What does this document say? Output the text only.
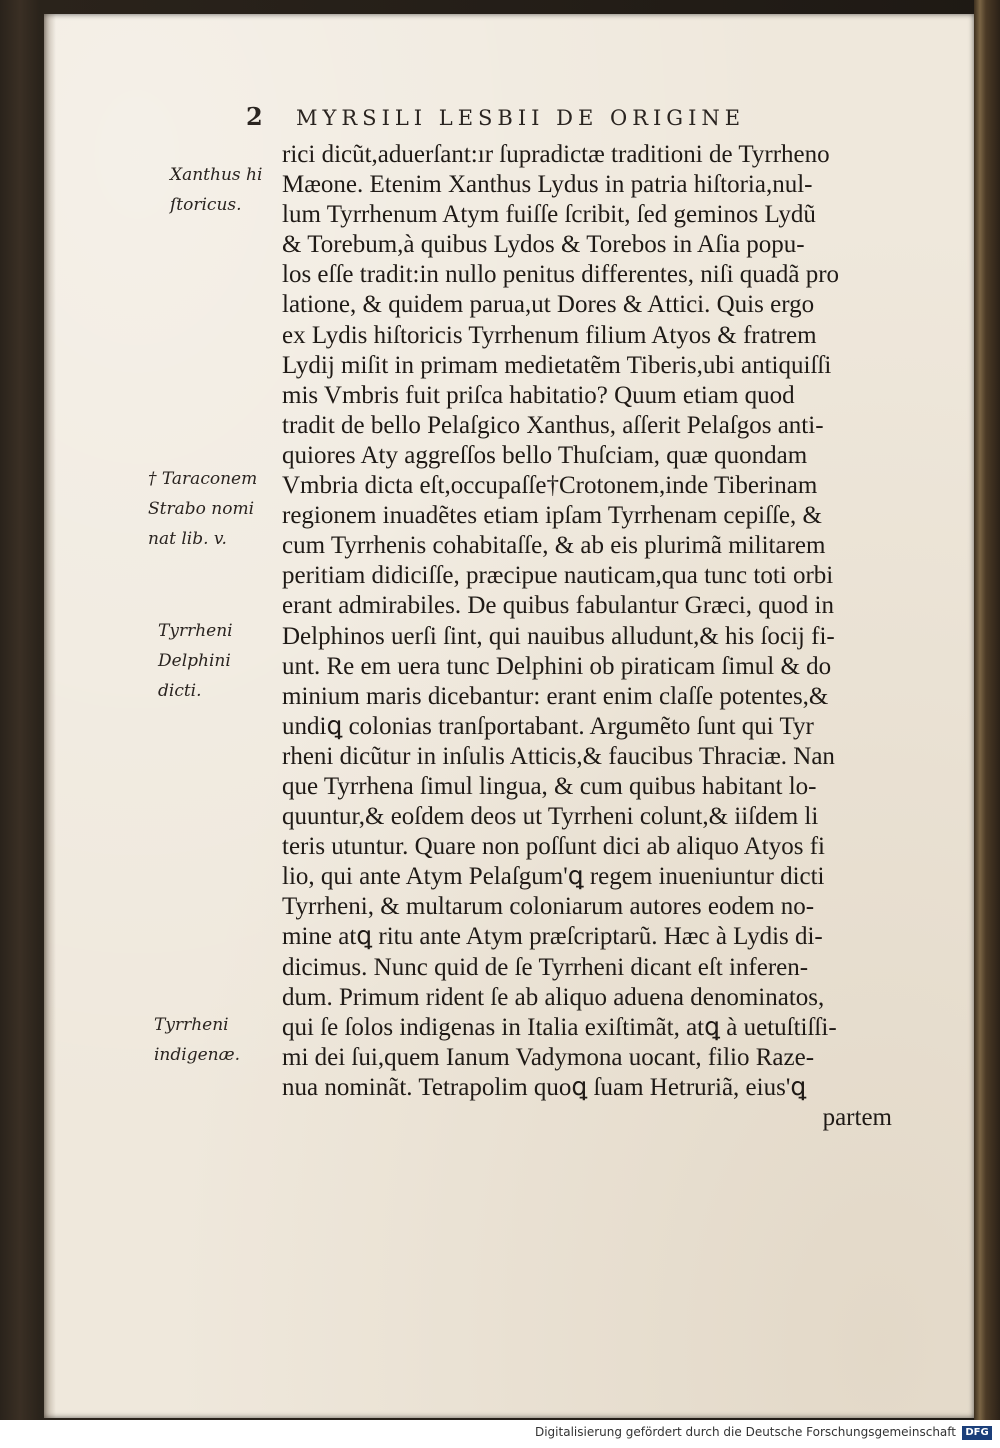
2 MYRSILI LESBII DE ORIGINE
Xanthus hi
ſtoricus.
† Taraconem
Strabo nomi
nat lib. v.
Tyrrheni
Delphini
dicti.
Tyrrheni
indigenæ.
rici dicũt,aduerſant:ır ſupradictæ traditioni de Tyrrheno
Mæone. Etenim Xanthus Lydus in patria hiſtoria,nul-
lum Tyrrhenum Atym fuiſſe ſcribit, ſed geminos Lydũ
& Torebum,à quibus Lydos & Torebos in Aſia popu-
los eſſe tradit:in nullo penitus differentes, niſi quadã pro
latione, & quidem parua,ut Dores & Attici. Quis ergo
ex Lydis hiſtoricis Tyrrhenum filium Atyos & fratrem
Lydij miſit in primam medietatẽm Tiberis,ubi antiquiſſi
mis Vmbris fuit priſca habitatio? Quum etiam quod
tradit de bello Pelaſgico Xanthus, aſſerit Pelaſgos anti-
quiores Aty aggreſſos bello Thuſciam, quæ quondam
Vmbria dicta eſt,occupaſſe†Crotonem,inde Tiberinam
regionem inuadẽtes etiam ipſam Tyrrhenam cepiſſe, &
cum Tyrrhenis cohabitaſſe, & ab eis plurimã militarem
peritiam didiciſſe, præcipue nauticam,qua tunc toti orbi
erant admirabiles. De quibus fabulantur Græci, quod in
Delphinos uerſi ſint, qui nauibus alludunt,& his ſocij fi-
unt. Re em uera tunc Delphini ob piraticam ſimul & do
minium maris dicebantur: erant enim claſſe potentes,&
undiꝗ colonias tranſportabant. Argumẽto ſunt qui Tyr
rheni dicũtur in inſulis Atticis,& faucibus Thraciæ. Nan
que Tyrrhena ſimul lingua, & cum quibus habitant lo-
quuntur,& eoſdem deos ut Tyrrheni colunt,& iiſdem li
teris utuntur. Quare non poſſunt dici ab aliquo Atyos fi
lio, qui ante Atym Pelaſgum'ꝗ regem inueniuntur dicti
Tyrrheni, & multarum coloniarum autores eodem no-
mine atꝗ ritu ante Atym præſcriptarũ. Hæc à Lydis di-
dicimus. Nunc quid de ſe Tyrrheni dicant eſt inferen-
dum. Primum rident ſe ab aliquo aduena denominatos,
qui ſe ſolos indigenas in Italia exiſtimãt, atꝗ à uetuſtiſſi-
mi dei ſui,quem Ianum Vadymona uocant, filio Raze-
nua nominãt. Tetrapolim quoꝗ ſuam Hetruriã, eius'ꝗ
partem
Digitalisierung gefördert durch die Deutsche Forschungsgemeinschaft DFG
